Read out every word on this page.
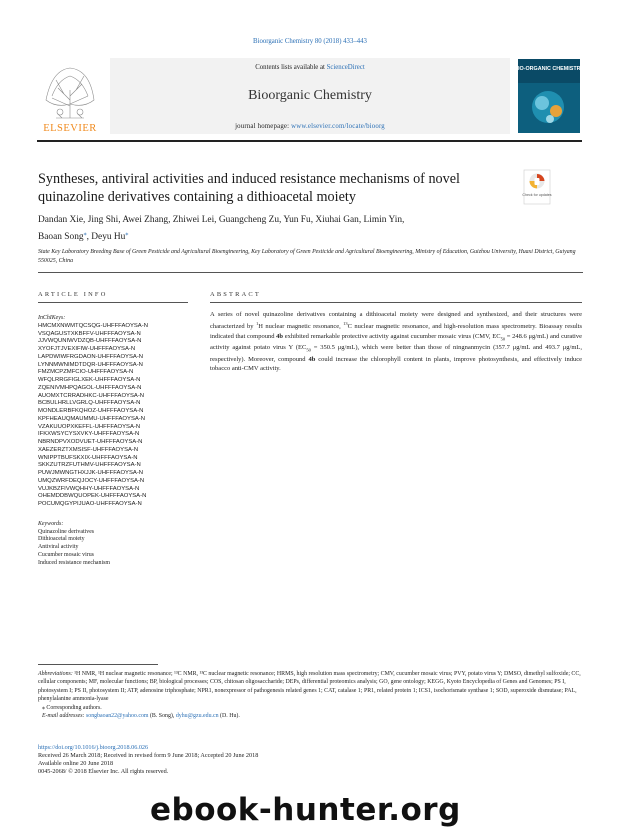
Bioorganic Chemistry 80 (2018) 433–443
ELSEVIER
Contents lists available at ScienceDirect
Bioorganic Chemistry
journal homepage: www.elsevier.com/locate/bioorg
BIO-ORGANIC CHEMISTRY
Syntheses, antiviral activities and induced resistance mechanisms of novel quinazoline derivatives containing a dithioacetal moiety	Check for updates
Dandan Xie, Jing Shi, Awei Zhang, Zhiwei Lei, Guangcheng Zu, Yun Fu, Xiuhai Gan, Limin Yin,
Baoan Song⁎, Deyu Hu⁎
State Key Laboratory Breeding Base of Green Pesticide and Agricultural Bioengineering, Key Laboratory of Green Pesticide and Agricultural Bioengineering, Ministry of Education, Guizhou University, Huaxi District, Guiyang 550025, China
ARTICLE INFO	ABSTRACT
InChIKeys:
HMCMXNWMTQCSQG-UHFFFAOYSA-N
VSQAGUSTXKBFFV-UHFFFAOYSA-N
JJVWQUNIWVDZQB-UHFFFAOYSA-N
XYOFJTJVEXIFIW-UHFFFAOYSA-N
LAPDWIWFRGDAON-UHFFFAOYSA-N
LYNNMWNIMDTDQR-UHFFFAOYSA-N
FMZMCPZMFCIO-UHFFFAOYSA-N
WFQLRRGFIGLXEK-UHFFFAOYSA-N
ZQENIVMHPQAGOL-UHFFFAOYSA-N
AUOMXTCRRADHKC-UHFFFAOYSA-N
BCBULHRLLVGRLQ-UHFFFAOYSA-N
MONDLERBFKQHOZ-UHFFFAOYSA-N
KPFHEAUQMAUMMU-UHFFFAOYSA-N
VZAKUUOPXKEFFL-UHFFFAOYSA-N
IFKXWSYCYSXVKY-UHFFFAOYSA-N
NBRNDPVXODVUET-UHFFFAOYSA-N
XAEZERZTXMSISF-UHFFFAOYSA-N
WNIPPTBUFSKXIX-UHFFFAOYSA-N
SKKZUTRZFUTHMV-UHFFFAOYSA-N
PUWJMWNGTHXJJK-UHFFFAOYSA-N
UMQZWRFDEQJOCY-UHFFFAOYSA-N
VUJKBZFIVWQHHY-UHFFFAOYSA-N
OHEMDDBWQUOPEK-UHFFFAOYSA-N
POCUMQGYPIJUAO-UHFFFAOYSA-N
Keywords:
Quinazoline derivatives
Dithioacetal moiety
Antiviral activity
Cucumber mosaic virus
Induced resistance mechanism
A series of novel quinazoline derivatives containing a dithioacetal moiety were designed and synthesized, and their structures were characterized by $^1$H nuclear magnetic resonance, $^{13}$C nuclear magnetic resonance, and high-resolution mass spectrometry. Bioassay results indicated that compound 4b exhibited remarkable protective activity against cucumber mosaic virus (CMV, $EC_{50} = 248.6$ μg/mL) and curative activity against potato virus Y ($EC_{50} = 350.5$ μg/mL), which were better than those of ningnanmycin (357.7 μg/mL and 493.7 μg/mL, respectively). Moreover, compound 4b could increase the chlorophyll content in plants, improve photosynthesis, and effectively induce tobacco anti-CMV activity.
Abbreviations: ¹H NMR, ¹H nuclear magnetic resonance; ¹³C NMR, ¹³C nuclear magnetic resonance; HRMS, high resolution mass spectrometry; CMV, cucumber mosaic virus; PVY, potato virus Y; DMSO, dimethyl sulfoxide; CC, cellular components; MF, molecular functions; BP, biological processes; COS, chitosan oligosaccharide; DEPs, differential proteomics analysis; GO, gene ontology; KEGG, Kyoto Encyclopedia of Genes and Genomes; PS I, photosystem I; PS II, photosystem II; ATP, adenosine triphosphate; NPR1, nonexpressor of pathogenesis related genes 1; CAT, catalase 1; PR1, related protein 1; ICS1, isochorismate synthase 1; SOD, superoxide dismutase; PAL, phenylalanine ammonia-lyase
⁎ Corresponding authors.
E-mail addresses: songbaoan22@yahoo.com (B. Song), dyhu@gzu.edu.cn (D. Hu).
https://doi.org/10.1016/j.bioorg.2018.06.026
Received 26 March 2018; Received in revised form 9 June 2018; Accepted 20 June 2018
Available online 20 June 2018
0045-2068/ © 2018 Elsevier Inc. All rights reserved.
ebook-hunter.org
